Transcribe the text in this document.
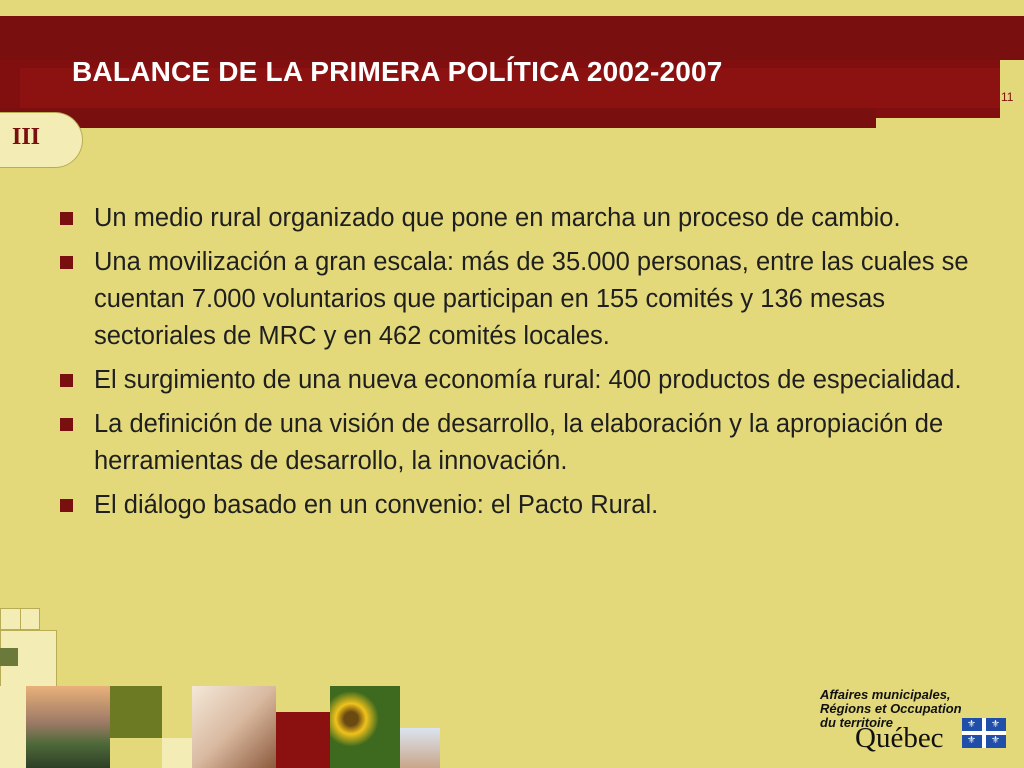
BALANCE DE LA PRIMERA POLÍTICA 2002-2007
11
III
Un medio rural organizado que pone en marcha un proceso de cambio.
Una movilización a gran escala: más de 35.000 personas, entre las cuales se cuentan 7.000 voluntarios que participan en 155 comités y 136 mesas sectoriales de MRC y en 462 comités locales.
El surgimiento de una nueva economía rural: 400 productos de especialidad.
La definición de una visión de desarrollo, la elaboración y la apropiación de herramientas de desarrollo, la innovación.
El diálogo basado en un convenio: el Pacto Rural.
Affaires municipales,
Régions et Occupation
du territoire
Québec ⚜ ⚜
⚜ ⚜
